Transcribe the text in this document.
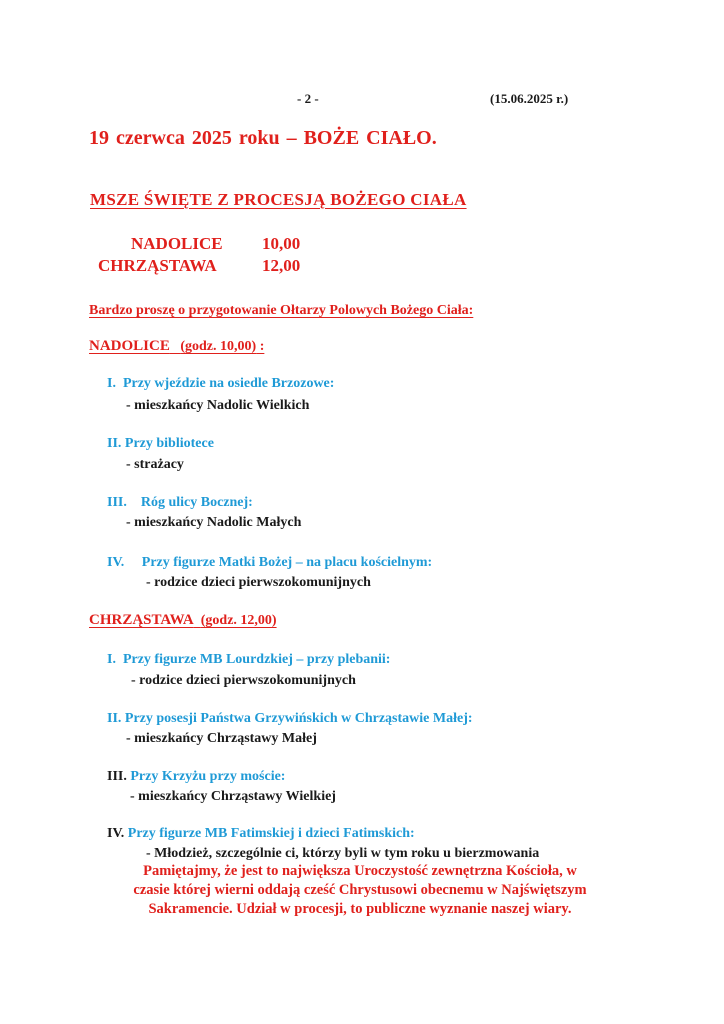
- 2 -	(15.06.2025 r.)
19 czerwca 2025 roku – BOŻE CIAŁO.
MSZE ŚWIĘTE Z PROCESJĄ BOŻEGO CIAŁA
NADOLICE 10,00
CHRZĄSTAWA	12,00
Bardzo proszę o przygotowanie Ołtarzy Polowych Bożego Ciała:
NADOLICE (godz. 10,00) :
I. Przy wjeździe na osiedle Brzozowe:
- mieszkańcy Nadolic Wielkich
II. Przy bibliotece
- strażacy
III. Róg ulicy Bocznej:
- mieszkańcy Nadolic Małych
IV. Przy figurze Matki Bożej – na placu kościelnym:
- rodzice dzieci pierwszokomunijnych
CHRZĄSTAWA (godz. 12,00)
I. Przy figurze MB Lourdzkiej – przy plebanii:
- rodzice dzieci pierwszokomunijnych
II. Przy posesji Państwa Grzywińskich w Chrząstawie Małej:
- mieszkańcy Chrząstawy Małej
III. Przy Krzyżu przy moście:
- mieszkańcy Chrząstawy Wielkiej
IV. Przy figurze MB Fatimskiej i dzieci Fatimskich:
- Młodzież, szczególnie ci, którzy byli w tym roku u bierzmowania
Pamiętajmy, że jest to największa Uroczystość zewnętrzna Kościoła, w
czasie której wierni oddają cześć Chrystusowi obecnemu w Najświętszym
Sakramencie. Udział w procesji, to publiczne wyznanie naszej wiary.
